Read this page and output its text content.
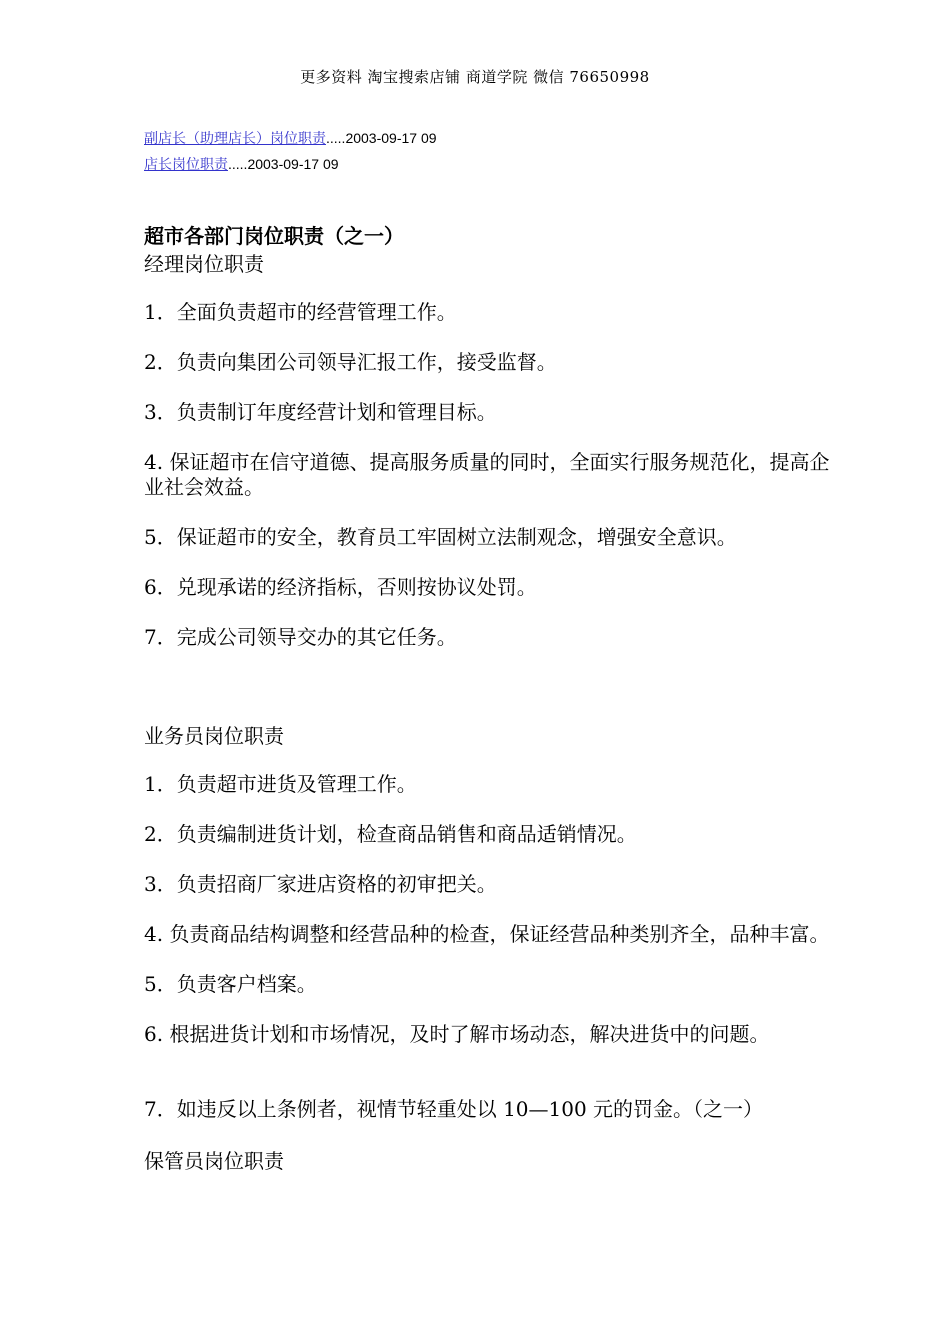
更多资料 淘宝搜索店铺 商道学院 微信 76650998
副店长（助理店长）岗位职责.....2003-09-17 09
店长岗位职责.....2003-09-17 09

超市各部门岗位职责（之一）

经理岗位职责

1．全面负责超市的经营管理工作。

2．负责向集团公司领导汇报工作，接受监督。

3．负责制订年度经营计划和管理目标。

4. 保证超市在信守道德、提高服务质量的同时，全面实行服务规范化，提高企业社会效益。

5．保证超市的安全，教育员工牢固树立法制观念，增强安全意识。

6．兑现承诺的经济指标，否则按协议处罚。

7．完成公司领导交办的其它任务。

业务员岗位职责

1．负责超市进货及管理工作。

2．负责编制进货计划，检查商品销售和商品适销情况。

3．负责招商厂家进店资格的初审把关。

4. 负责商品结构调整和经营品种的检查，保证经营品种类别齐全，品种丰富。

5．负责客户档案。

6. 根据进货计划和市场情况，及时了解市场动态，解决进货中的问题。

7．如违反以上条例者，视情节轻重处以 10—100 元的罚金。（之一）

保管员岗位职责
